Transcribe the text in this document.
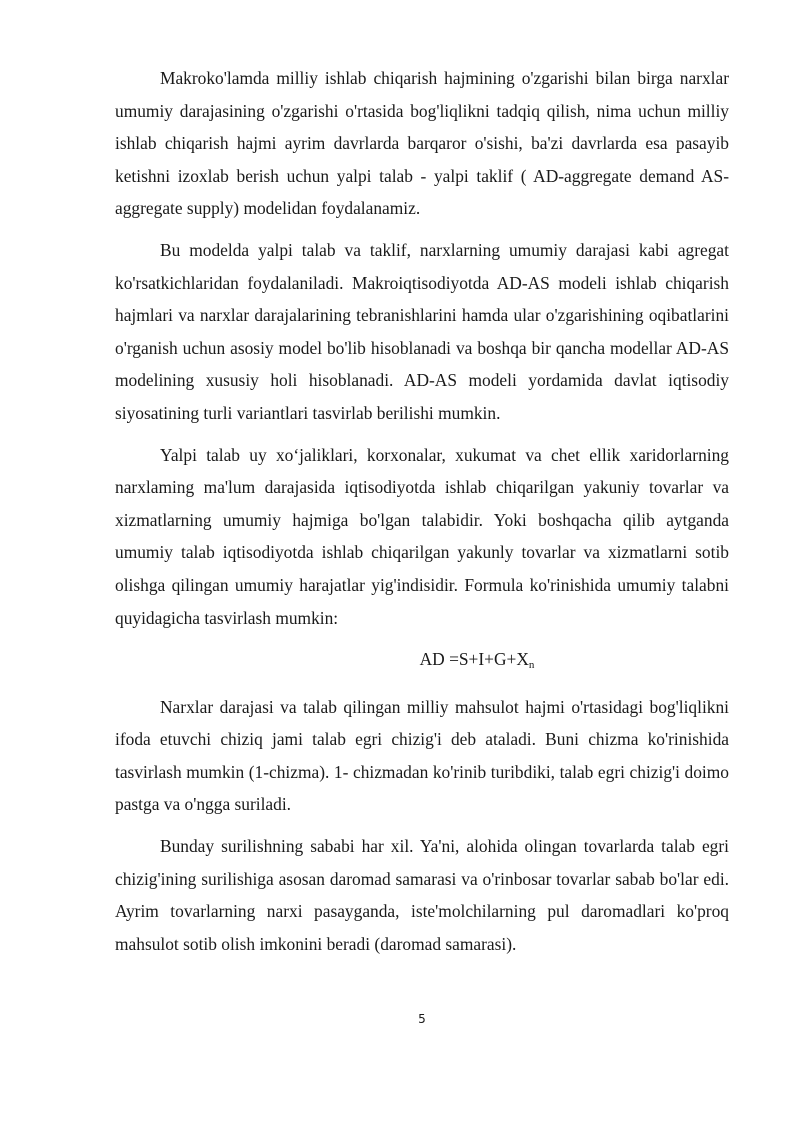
Makroko'lamda milliy ishlab chiqarish hajmining o'zgarishi bilan birga narxlar umumiy darajasining o'zgarishi o'rtasida bog'liqlikni tadqiq qilish, nima uchun milliy ishlab chiqarish hajmi ayrim davrlarda barqaror o'sishi, ba'zi davrlarda esa pasayib ketishni izoxlab berish uchun yalpi talab - yalpi taklif ( AD-aggregate demand AS-aggregate supply) modelidan foydalanamiz.

Bu modelda yalpi talab va taklif, narxlarning umumiy darajasi kabi agregat ko'rsatkichlaridan foydalaniladi. Makroiqtisodiyotda AD-AS modeli ishlab chiqarish hajmlari va narxlar darajalarining tebranishlarini hamda ular o'zgarishining oqibatlarini o'rganish uchun asosiy model bo'lib hisoblanadi va boshqa bir qancha modellar AD-AS modelining xususiy holi hisoblanadi. AD-AS modeli yordamida davlat iqtisodiy siyosatining turli variantlari tasvirlab berilishi mumkin.

Yalpi talab uy xo‘jaliklari, korxonalar, xukumat va chet ellik xaridorlarning narxlaming ma'lum darajasida iqtisodiyotda ishlab chiqarilgan yakuniy tovarlar va xizmatlarning umumiy hajmiga bo'lgan talabidir. Yoki boshqacha qilib aytganda umumiy talab iqtisodiyotda ishlab chiqarilgan yakunly tovarlar va xizmatlarni sotib olishga qilingan umumiy harajatlar yig'indisidir. Formula ko'rinishida umumiy talabni quyidagicha tasvirlash mumkin:

AD $=S+I+G+X_n$

Narxlar darajasi va talab qilingan milliy mahsulot hajmi o'rtasidagi bog'liqlikni ifoda etuvchi chiziq jami talab egri chizig'i deb ataladi. Buni chizma ko'rinishida tasvirlash mumkin (1-chizma). 1- chizmadan ko'rinib turibdiki, talab egri chizig'i doimo pastga va o'ngga suriladi.

Bunday surilishning sababi har xil. Ya'ni, alohida olingan tovarlarda talab egri chizig'ining surilishiga asosan daromad samarasi va o'rinbosar tovarlar sabab bo'lar edi. Ayrim tovarlarning narxi pasayganda, iste'molchilarning pul daromadlari ko'proq mahsulot sotib olish imkonini beradi (daromad samarasi).

5
